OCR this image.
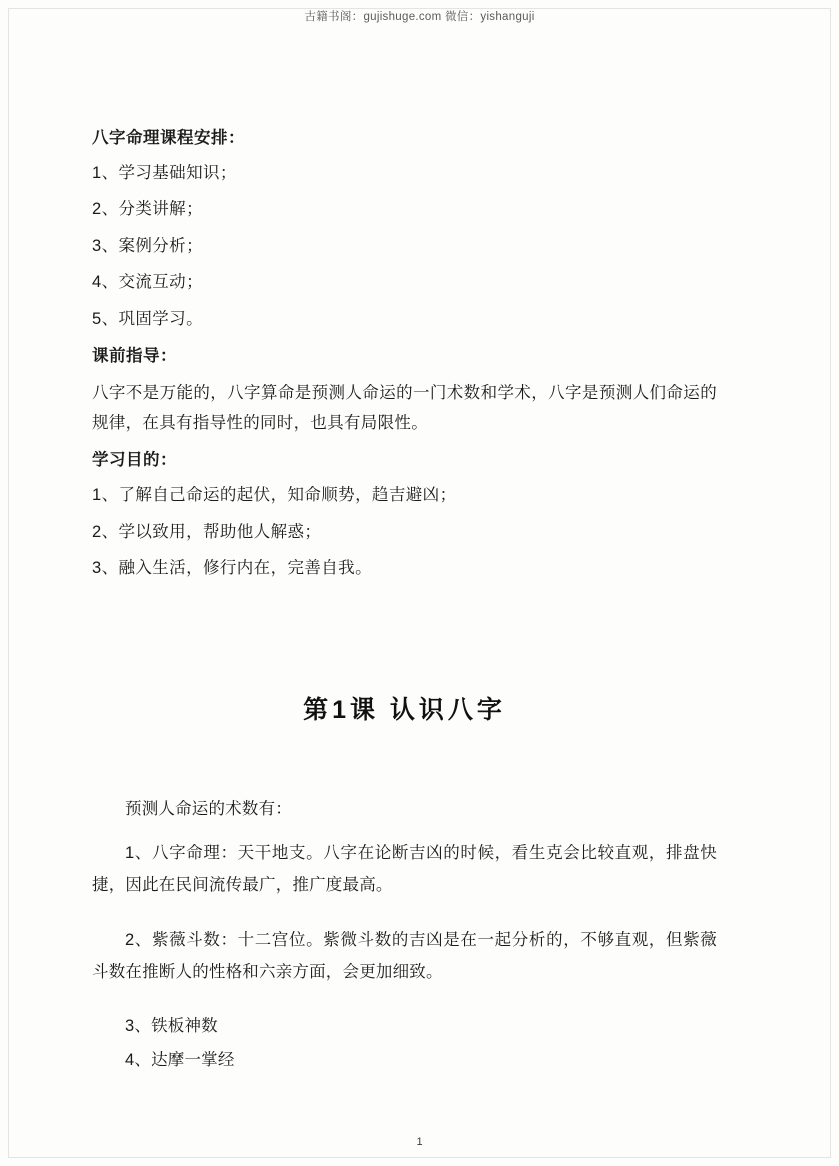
古籍书阁：gujishuge.com 微信：yishanguji

八字命理课程安排：

1、学习基础知识；

2、分类讲解；

3、案例分析；

4、交流互动；

5、巩固学习。

课前指导：

八字不是万能的，八字算命是预测人命运的一门术数和学术，八字是预测人们命运的规律，在具有指导性的同时，也具有局限性。

学习目的：

1、了解自己命运的起伏，知命顺势，趋吉避凶；

2、学以致用，帮助他人解惑；

3、融入生活，修行内在，完善自我。

第1课 认识八字

预测人命运的术数有：

1、八字命理：天干地支。八字在论断吉凶的时候，看生克会比较直观，排盘快捷，因此在民间流传最广，推广度最高。

2、紫薇斗数：十二宫位。紫微斗数的吉凶是在一起分析的，不够直观，但紫薇斗数在推断人的性格和六亲方面，会更加细致。

3、铁板神数

4、达摩一掌经

1
